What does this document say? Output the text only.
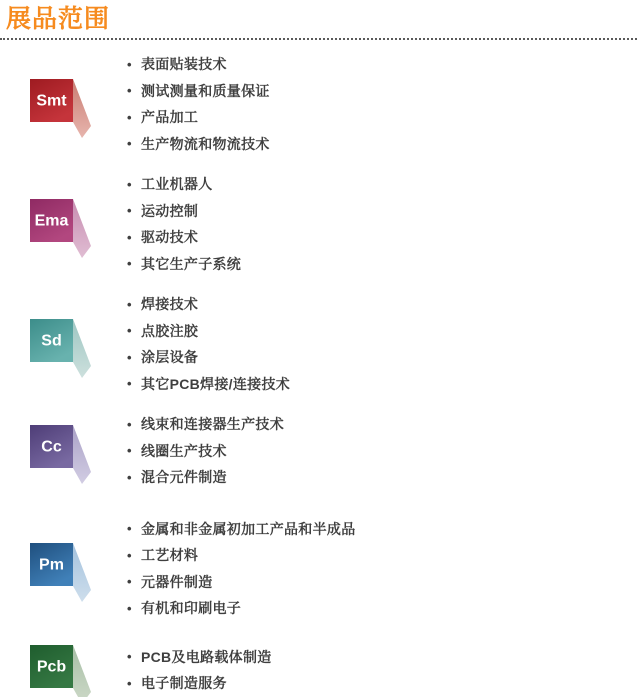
展品范围
Smt
• 表面贴装技术
• 测试测量和质量保证
• 产品加工
• 生产物流和物流技术
Ema
• 工业机器人
• 运动控制
• 驱动技术
• 其它生产子系统
Sd
• 焊接技术
• 点胶注胶
• 涂层设备
• 其它PCB焊接/连接技术
Cc
• 线束和连接器生产技术
• 线圈生产技术
• 混合元件制造
Pm
• 金属和非金属初加工产品和半成品
• 工艺材料
• 元器件制造
• 有机和印刷电子
Pcb
• PCB及电路载体制造
• 电子制造服务
